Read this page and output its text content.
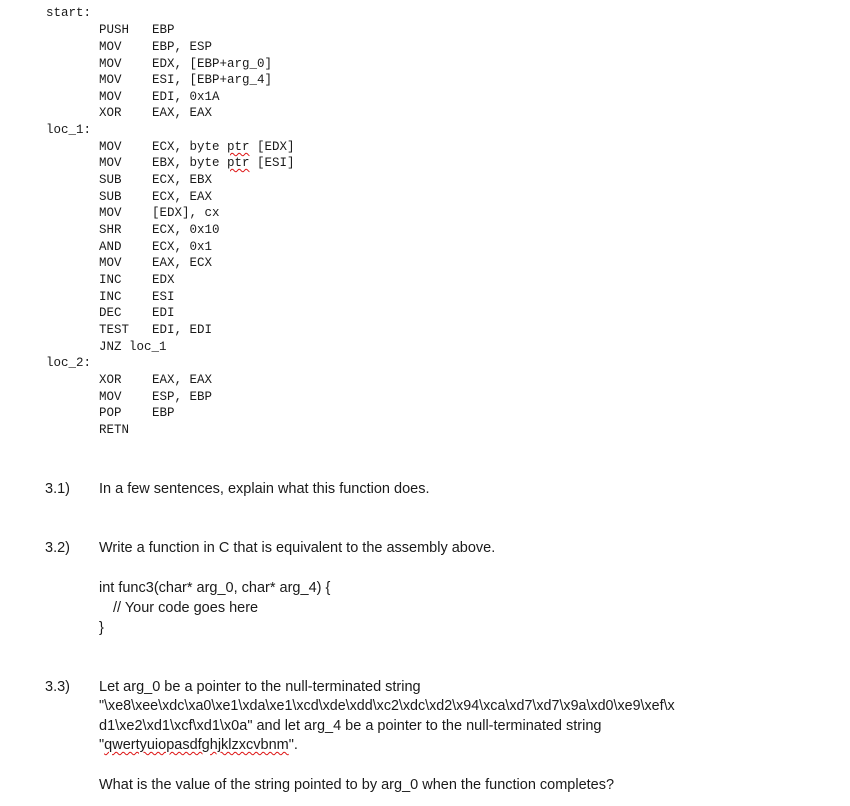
start:
PUSH EBP
MOV EBP, ESP
MOV EDX, [EBP+arg_0]
MOV ESI, [EBP+arg_4]
MOV EDI, 0x1A
XOR EAX, EAX
loc_1:
MOV ECX, byte ptr [EDX]
MOV EBX, byte ptr [ESI]
SUB ECX, EBX
SUB ECX, EAX
MOV [EDX], cx
SHR ECX, 0x10
AND ECX, 0x1
MOV EAX, ECX
INC EDX
INC ESI
DEC EDI
TEST EDI, EDI
JNZ loc_1
loc_2:
XOR EAX, EAX
MOV ESP, EBP
POP EBP
RETN
3.1) In a few sentences, explain what this function does.
3.2) Write a function in C that is equivalent to the assembly above.
int func3(char* arg_0, char* arg_4) {
// Your code goes here
}
3.3) Let arg_0 be a pointer to the null-terminated string
"\xe8\xee\xdc\xa0\xe1\xda\xe1\xcd\xde\xdd\xc2\xdc\xd2\x94\xca\xd7\xd7\x9a\xd0\xe9\xef\x
d1\xe2\xd1\xcf\xd1\x0a" and let arg_4 be a pointer to the null-terminated string
"qwertyuiopasdfghjklzxcvbnm".
What is the value of the string pointed to by arg_0 when the function completes?
